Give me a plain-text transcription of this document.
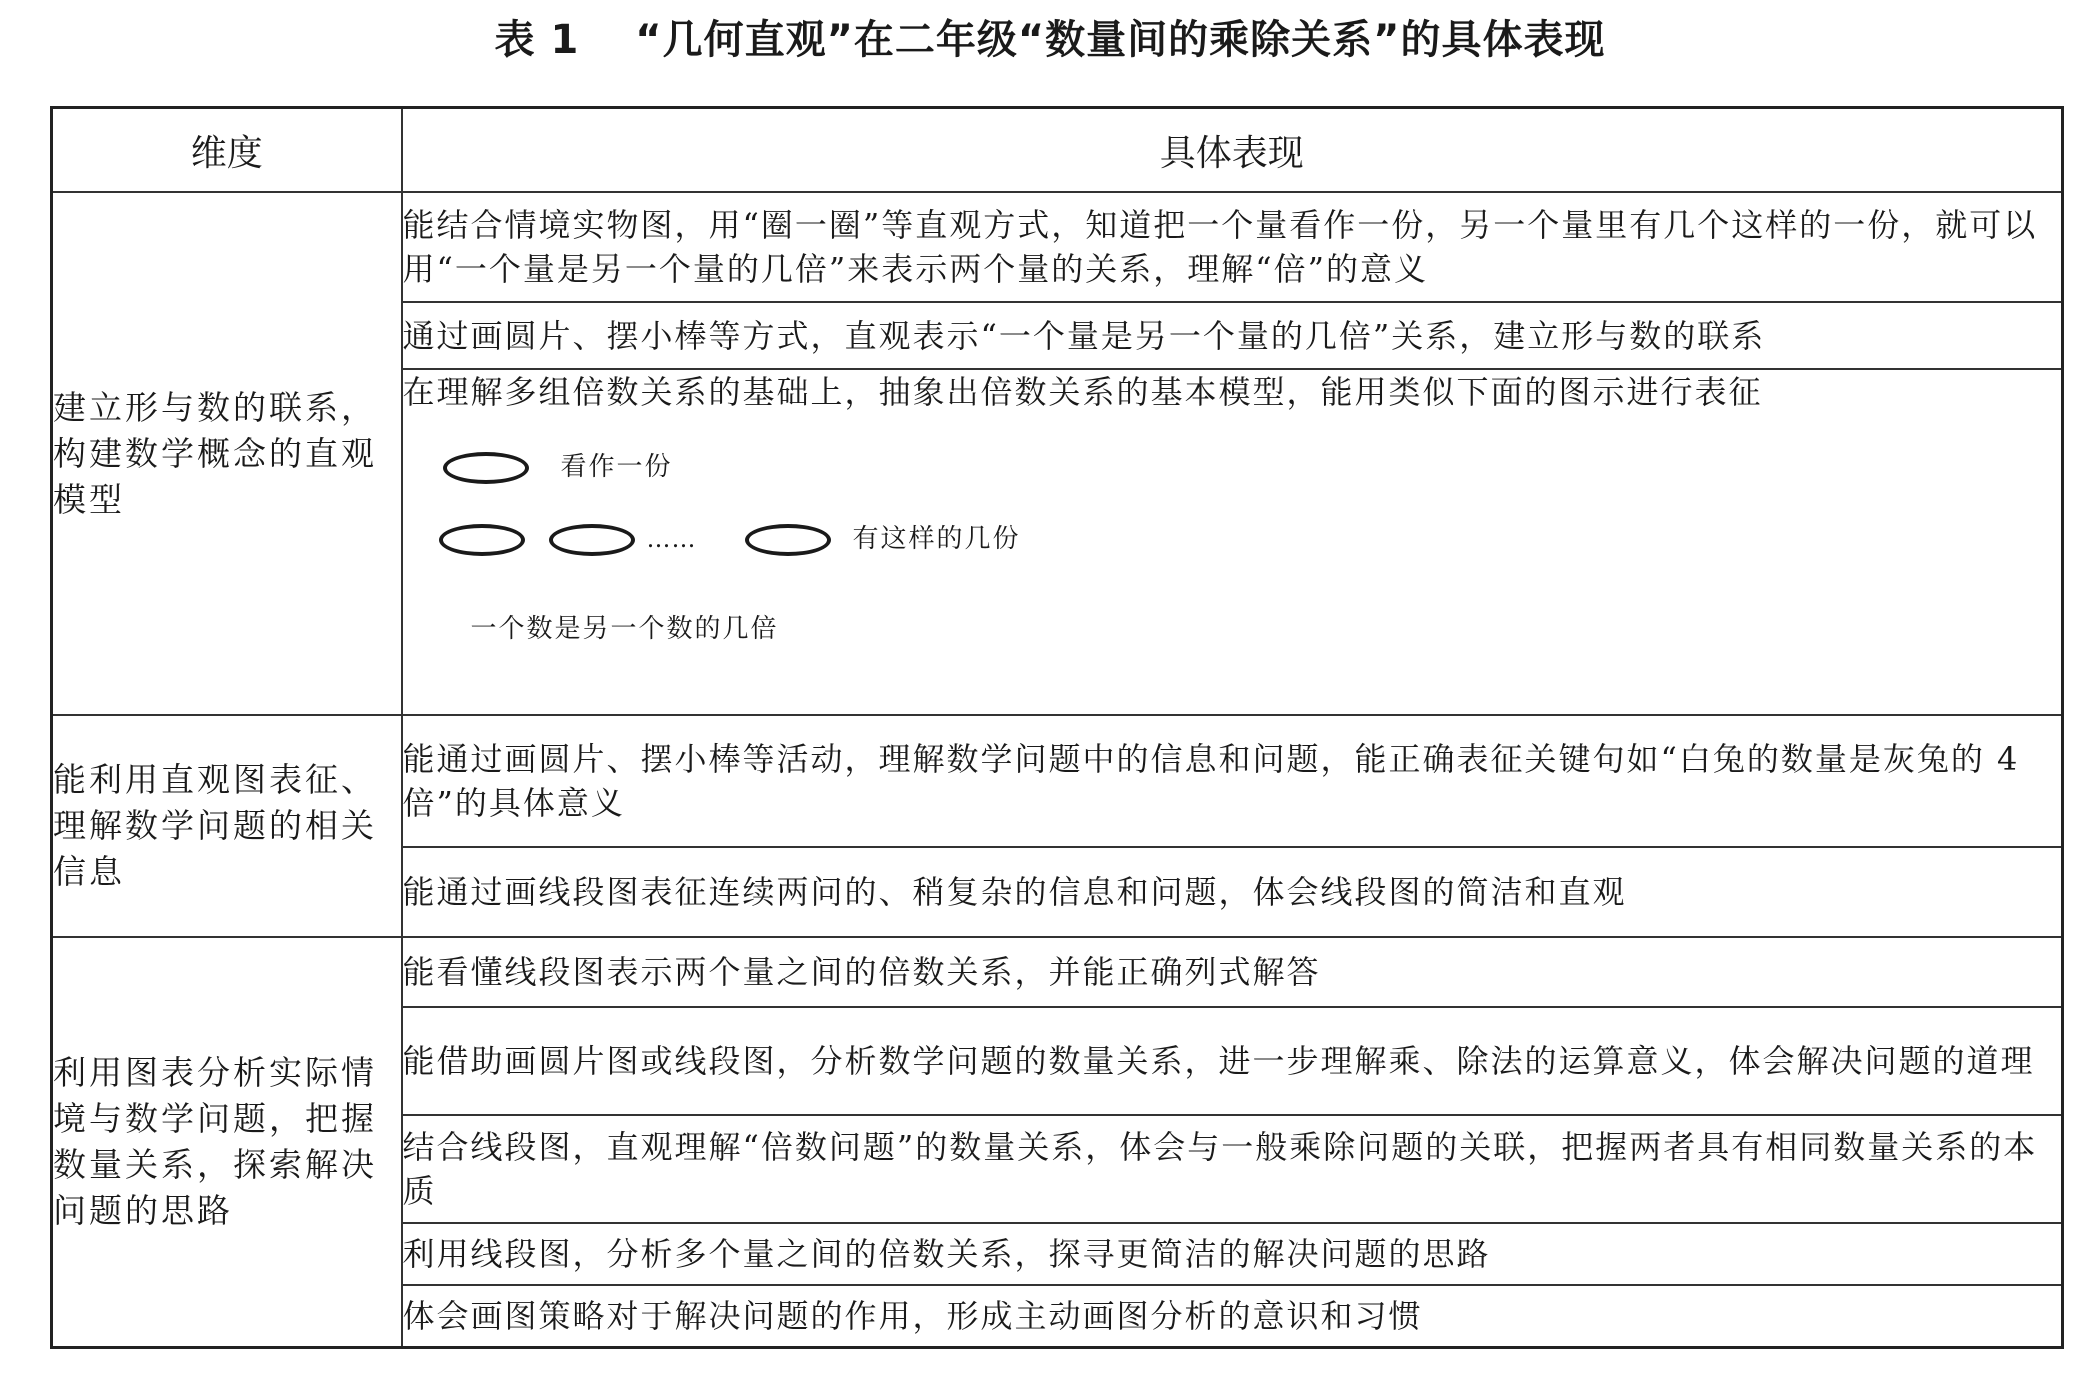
表 1 “几何直观”在二年级“数量间的乘除关系”的具体表现
维度	具体表现
建立形与数的联系，构建数学概念的直观模型	能结合情境实物图，用“圈一圈”等直观方式，知道把一个量看作一份，另一个量里有几个这样的一份，就可以用“一个量是另一个量的几倍”来表示两个量的关系，理解“倍”的意义
	通过画圆片、摆小棒等方式，直观表示“一个量是另一个量的几倍”关系，建立形与数的联系

	在理解多组倍数关系的基础上，抽象出倍数关系的基本模型，能用类似下面的图示进行表征
看作一份
…… 有这样的几份
一个数是另一个数的几倍

能利用直观图表征、理解数学问题的相关信息	能通过画圆片、摆小棒等活动，理解数学问题中的信息和问题，能正确表征关键句如“白兔的数量是灰兔的 4 倍”的具体意义
	能通过画线段图表征连续两问的、稍复杂的信息和问题，体会线段图的简洁和直观
利用图表分析实际情境与数学问题，把握数量关系，探索解决问题的思路	能看懂线段图表示两个量之间的倍数关系，并能正确列式解答
	能借助画圆片图或线段图，分析数学问题的数量关系，进一步理解乘、除法的运算意义，体会解决问题的道理
	结合线段图，直观理解“倍数问题”的数量关系，体会与一般乘除问题的关联，把握两者具有相同数量关系的本质
	利用线段图，分析多个量之间的倍数关系，探寻更简洁的解决问题的思路
	体会画图策略对于解决问题的作用，形成主动画图分析的意识和习惯
